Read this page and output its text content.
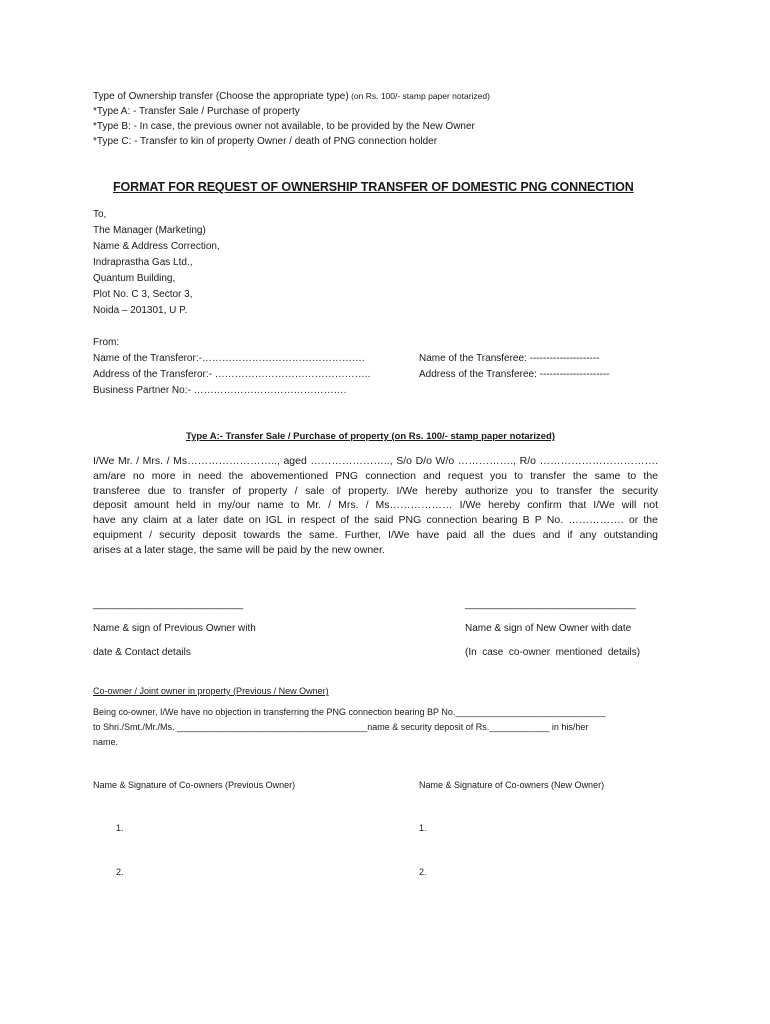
Type of Ownership transfer (Choose the appropriate type) (on Rs. 100/- stamp paper notarized)
*Type A: - Transfer Sale / Purchase of property
*Type B: - In case, the previous owner not available, to be provided by the New Owner
*Type C: - Transfer to kin of property Owner / death of PNG connection holder
FORMAT FOR REQUEST OF OWNERSHIP TRANSFER OF DOMESTIC PNG CONNECTION
To,
The Manager (Marketing)
Name & Address Correction,
Indraprastha Gas Ltd.,
Quantum Building,
Plot No. C 3, Sector 3,
Noida – 201301, U P.
From:
Name of the Transferor:-………………………………………….
Address of the Transferor:- ………………………………………..
Business Partner No:- ……………………………………….
Name of the Transferee: ---------------------
Address of the Transferee: ---------------------
Type A:- Transfer Sale / Purchase of property (on Rs. 100/- stamp paper notarized)
I/We Mr. / Mrs. / Ms…………………….., aged ………………….., S/o D/o W/o ……………., R/o …………………………….
am/are no more in need the abovementioned PNG connection and request you to transfer the same to the
transferee due to transfer of property / sale of property. I/We hereby authorize you to transfer the security
deposit amount held in my/our name to Mr. / Mrs. / Ms……………… I/We hereby confirm that I/We will not
have any claim at a later date on IGL in respect of the said PNG connection bearing B P No. ……………. or the
equipment / security deposit towards the same. Further, I/We have paid all the dues and if any outstanding
arises at a later stage, the same will be paid by the new owner.
_____________________________	_________________________________
Name & sign of Previous Owner with
date & Contact details
Name & sign of New Owner with date
(In  case  co-owner  mentioned  details)
Co-owner / Joint owner in property (Previous / New Owner)
Being co-owner, I/We have no objection in transferring the PNG connection bearing BP No.______________________________
to Shri./Smt./Mr./Ms. ______________________________________name & security deposit of Rs.____________ in his/her
name.
Name & Signature of Co-owners (Previous Owner)	Name & Signature of Co-owners (New Owner)
1.	1.
2.	2.
